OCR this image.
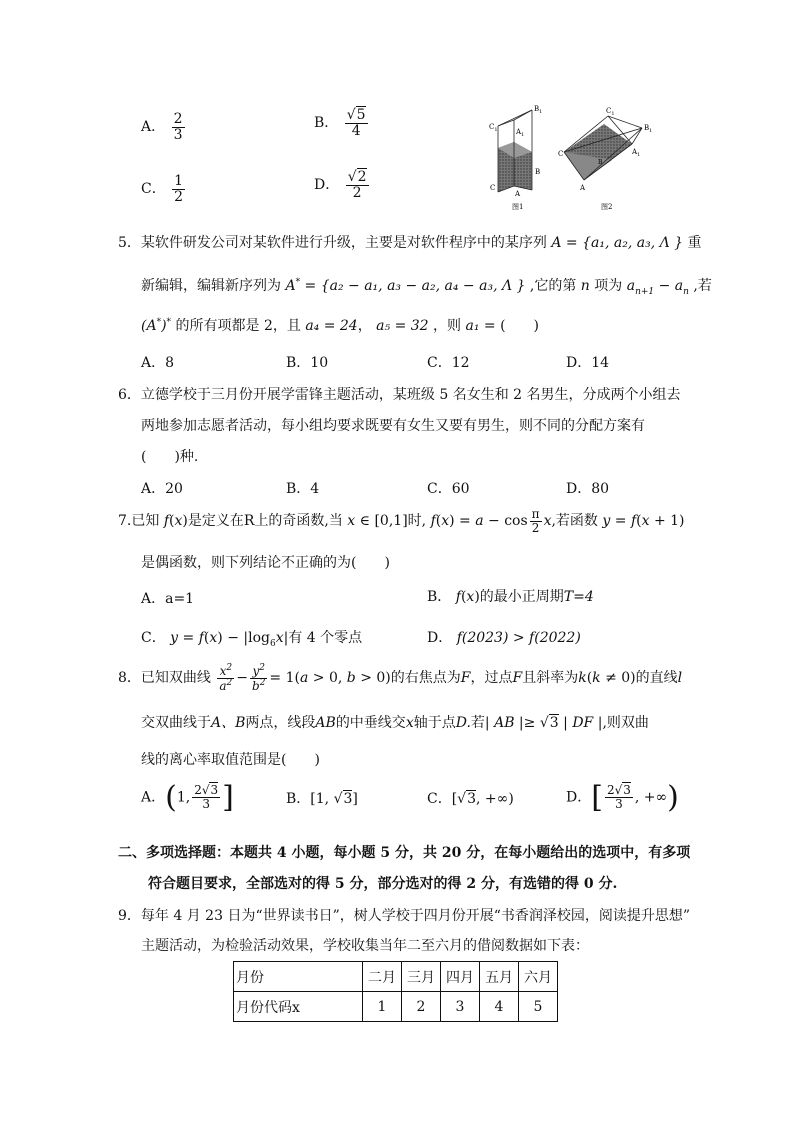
A． $\frac{2}{3}$	B． $\frac{√5}{4}$
C． $\frac{1}{2}$	D． $\frac{√2}{2}$
$B_1$
$C_1$	$A_1$
C
A
B
图1
$C_1$
$B_1$
$A_1$
C
A
B
图2
5．某软件研发公司对某软件进行升级，主要是对软件程序中的某序列 A = {a₁, a₂, a₃, Λ } 重
新编辑，编辑新序列为 A* = {a₂ − a₁, a₃ − a₂, a₄ − a₃, Λ } ,它的第 n 项为 $a_{n+1} - a_n$ ,若
(A*)* 的所有项都是 2，且 a₄ = 24， a₅ = 32 ，则 a₁ = (　　)
A．8	B．10	C．12	D．14
6．立德学校于三月份开展学雷锋主题活动，某班级 5 名女生和 2 名男生，分成两个小组去
两地参加志愿者活动，每小组均要求既要有女生又要有男生，则不同的分配方案有
(　　)种.
A．20	B．4	C．60	D．80
7.已知 f(x)是定义在R上的奇函数,当 x ∈ [0,1]时, $f(x) = a - \cos \frac{\pi}{2} x$,若函数 y = f(x + 1)
是偶函数，则下列结论不正确的为(　　)
A．a=1	B． f(x)的最小正周期T=4
C． $y = f(x) - |\log_6x|$有 4 个零点	D． f(2023) > f(2022)
8．已知双曲线 $\frac{x^2}{a^2} - \frac{y^2}{b^2} = 1(a > 0$, b > 0)的右焦点为F，过点F且斜率为k(k ≠ 0)的直线l
交双曲线于A、B两点，线段AB的中垂线交x轴于点D.若| AB |≥ √3 | DF |,则双曲
线的离心率取值范围是(　　)
A．(1, $\frac{2√3}{3}$ ]	B．[1, √3]	C．[√3, +∞)	D．[ $\frac{2√3}{3}$ , +∞)
二、多项选择题：本题共 4 小题，每小题 5 分，共 20 分，在每小题给出的选项中，有多项
符合题目要求，全部选对的得 5 分，部分选对的得 2 分，有选错的得 0 分.
9．每年 4 月 23 日为“世界读书日”，树人学校于四月份开展“书香润泽校园，阅读提升思想”
主题活动，为检验活动效果，学校收集当年二至六月的借阅数据如下表：
月份	二月	三月	四月	五月	六月
月份代码x	1	2	3	4	5
